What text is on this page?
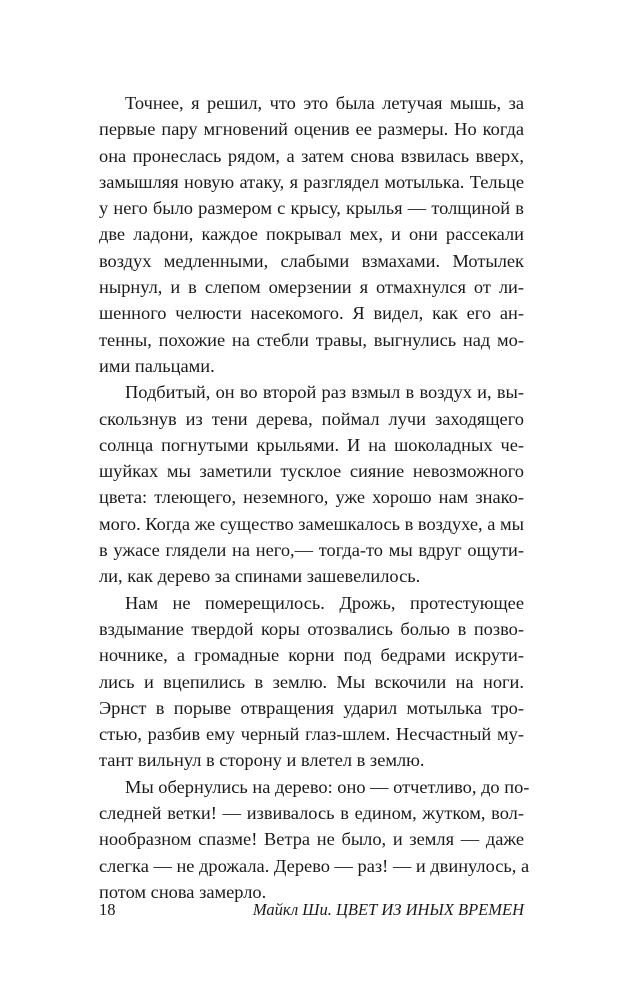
Точнее, я решил, что это была летучая мышь, за
первые пару мгновений оценив ее размеры. Но когда
она пронеслась рядом, а затем снова взвилась вверх,
замышляя новую атаку, я разглядел мотылька. Тельце
у него было размером с крысу, крылья — толщиной в
две ладони, каждое покрывал мех, и они рассекали
воздух медленными, слабыми взмахами. Мотылек
нырнул, и в слепом омерзении я отмахнулся от ли-
шенного челюсти насекомого. Я видел, как его ан-
тенны, похожие на стебли травы, выгнулись над мо-
ими пальцами.
Подбитый, он во второй раз взмыл в воздух и, вы-
скользнув из тени дерева, поймал лучи заходящего
солнца погнутыми крыльями. И на шоколадных че-
шуйках мы заметили тусклое сияние невозможного
цвета: тлеющего, неземного, уже хорошо нам знако-
мого. Когда же существо замешкалось в воздухе, а мы
в ужасе глядели на него,— тогда-то мы вдруг ощути-
ли, как дерево за спинами зашевелилось.
Нам не померещилось. Дрожь, протестующее
вздымание твердой коры отозвались болью в позво-
ночнике, а громадные корни под бедрами искрути-
лись и вцепились в землю. Мы вскочили на ноги.
Эрнст в порыве отвращения ударил мотылька тро-
стью, разбив ему черный глаз-шлем. Несчастный му-
тант вильнул в сторону и влетел в землю.
Мы обернулись на дерево: оно — отчетливо, до по-
следней ветки! — извивалось в едином, жутком, вол-
нообразном спазме! Ветра не было, и земля — даже
слегка — не дрожала. Дерево — раз! — и двинулось, а
потом снова замерло.
18	Майкл Ши. ЦВЕТ ИЗ ИНЫХ ВРЕМЕН
